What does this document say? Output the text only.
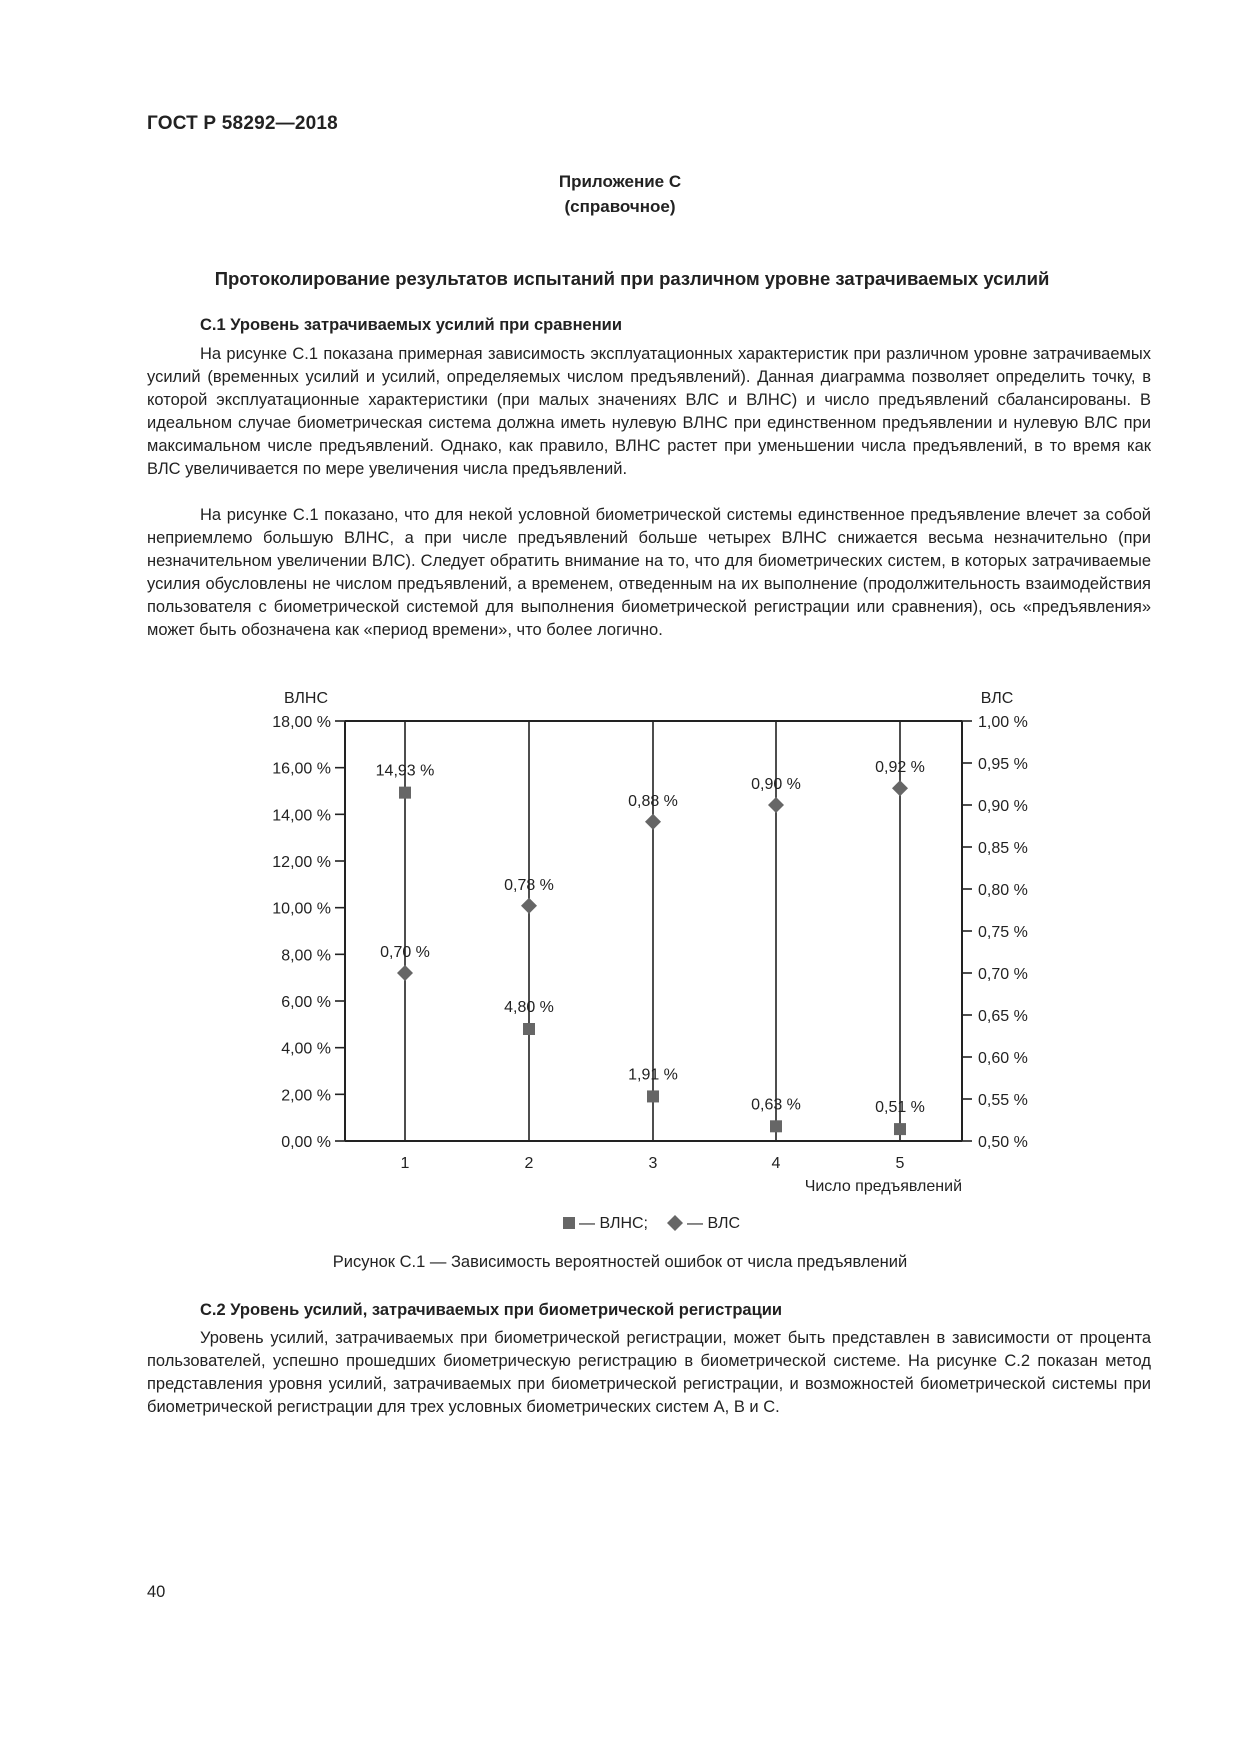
ГОСТ Р 58292—2018
Приложение С
(справочное)
Протоколирование результатов испытаний при различном уровне затрачиваемых усилий
С.1 Уровень затрачиваемых усилий при сравнении

На рисунке С.1 показана примерная зависимость эксплуатационных характеристик при различном уровне затрачиваемых усилий (временных усилий и усилий, определяемых числом предъявлений). Данная диаграмма позволяет определить точку, в которой эксплуатационные характеристики (при малых значениях ВЛС и ВЛНС) и число предъявлений сбалансированы. В идеальном случае биометрическая система должна иметь нулевую ВЛНС при единственном предъявлении и нулевую ВЛС при максимальном числе предъявлений. Однако, как правило, ВЛНС растет при уменьшении числа предъявлений, в то время как ВЛС увеличивается по мере увеличения числа предъявлений.

На рисунке С.1 показано, что для некой условной биометрической системы единственное предъявление влечет за собой неприемлемо большую ВЛНС, а при числе предъявлений больше четырех ВЛНС снижается весьма незначительно (при незначительном увеличении ВЛС). Следует обратить внимание на то, что для биометрических систем, в которых затрачиваемые усилия обусловлены не числом предъявлений, а временем, отведенным на их выполнение (продолжительность взаимодействия пользователя с биометрической системой для выполнения биометрической регистрации или сравнения), ось «предъявления» может быть обозначена как «период времени», что более логично.

0,00 %
2,00 %
4,00 %
6,00 %
8,00 %
10,00 %
12,00 %
14,00 %
16,00 %
18,00 %
0,50 %
0,55 %
0,60 %
0,65 %
0,70 %
0,75 %
0,80 %
0,85 %
0,90 %
0,95 %
1,00 %
ВЛНС	ВЛС
1	2	3	4	5
Число предъявлений
14,93 %
4,80 %
1,91 %
0,63 %	0,51 %
0,70 %
0,78 %
0,88 %
0,90 %
0,92 %
— ВЛНС; — ВЛС
Рисунок С.1 — Зависимость вероятностей ошибок от числа предъявлений
С.2 Уровень усилий, затрачиваемых при биометрической регистрации

Уровень усилий, затрачиваемых при биометрической регистрации, может быть представлен в зависимости от процента пользователей, успешно прошедших биометрическую регистрацию в биометрической системе. На рисунке С.2 показан метод представления уровня усилий, затрачиваемых при биометрической регистрации, и возможностей биометрической системы при биометрической регистрации для трех условных биометрических систем А, В и С.

40
